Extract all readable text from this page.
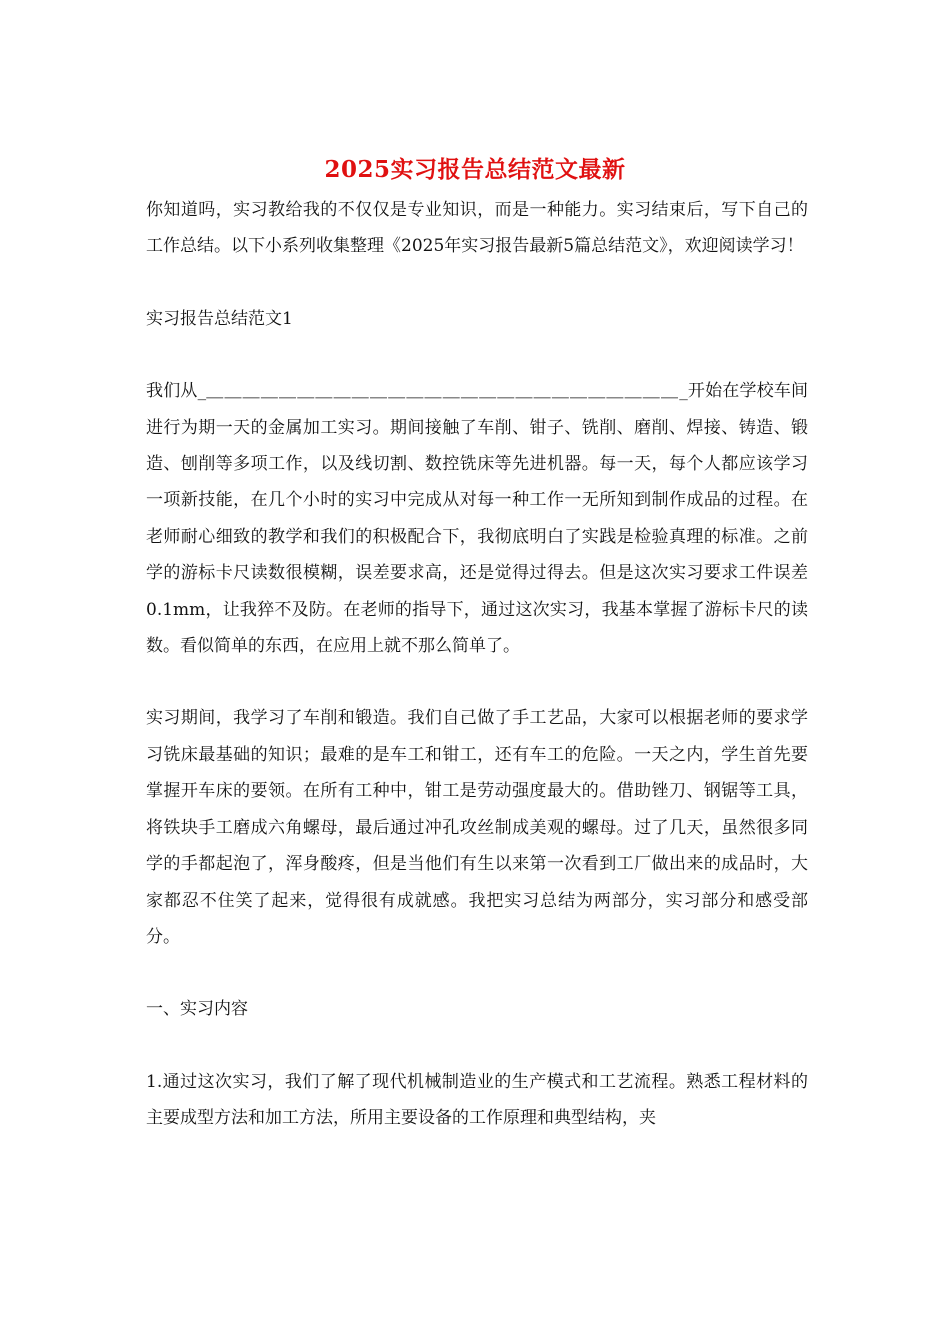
2025实习报告总结范文最新

你知道吗，实习教给我的不仅仅是专业知识，而是一种能力。实习结束后，写下自己的工作总结。以下小系列收集整理《2025年实习报告最新5篇总结范文》，欢迎阅读学习！

实习报告总结范文1

我们从_＿＿＿＿＿＿＿＿＿＿＿＿＿＿＿＿＿＿＿＿＿＿＿＿＿＿_开始在学校车间进行为期一天的金属加工实习。期间接触了车削、钳子、铣削、磨削、焊接、铸造、锻造、刨削等多项工作，以及线切割、数控铣床等先进机器。每一天，每个人都应该学习一项新技能，在几个小时的实习中完成从对每一种工作一无所知到制作成品的过程。在老师耐心细致的教学和我们的积极配合下，我彻底明白了实践是检验真理的标准。之前学的游标卡尺读数很模糊，误差要求高，还是觉得过得去。但是这次实习要求工件误差0.1mm，让我猝不及防。在老师的指导下，通过这次实习，我基本掌握了游标卡尺的读数。看似简单的东西，在应用上就不那么简单了。

实习期间，我学习了车削和锻造。我们自己做了手工艺品，大家可以根据老师的要求学习铣床最基础的知识；最难的是车工和钳工，还有车工的危险。一天之内，学生首先要掌握开车床的要领。在所有工种中，钳工是劳动强度最大的。借助锉刀、钢锯等工具，将铁块手工磨成六角螺母，最后通过冲孔攻丝制成美观的螺母。过了几天，虽然很多同学的手都起泡了，浑身酸疼，但是当他们有生以来第一次看到工厂做出来的成品时，大家都忍不住笑了起来，觉得很有成就感。我把实习总结为两部分，实习部分和感受部分。

一、实习内容

1.通过这次实习，我们了解了现代机械制造业的生产模式和工艺流程。熟悉工程材料的主要成型方法和加工方法，所用主要设备的工作原理和典型结构，夹
